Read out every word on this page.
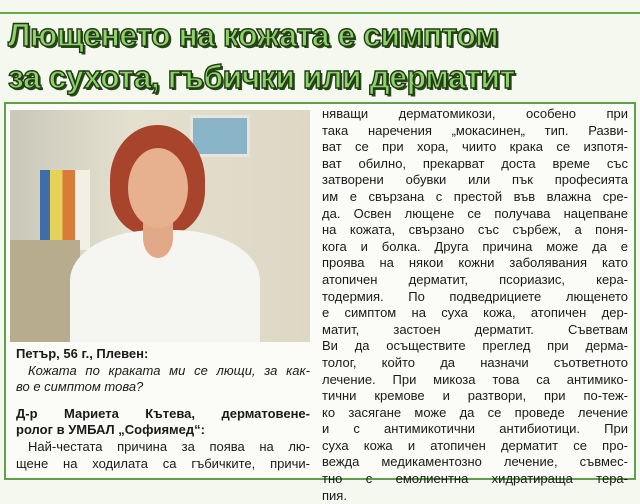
Лющенето на кожата е симптом
за сухота, гъбички или дерматит
Петър, 56 г., Плевен:
Кожата по краката ми се лющи, за как-
во е симптом това?
Д-р Мариета Кътева, дерматовене-
ролог в УМБАЛ „Софиямед“:
Най-честата причина за поява на лю-
щене на ходилата са гъбичките, причи-
няващи дерматомикози, особено при
така наречения „мокасинен„ тип. Разви-
ват се при хора, чиито крака се изпотя-
ват обилно, прекарват доста време със
затворени обувки или пък професията
им е свързана с престой във влажна сре-
да. Освен лющене се получава нацепване
на кожата, свързано със сърбеж, а поня-
кога и болка. Друга причина може да е
проява на някои кожни заболявания като
атопичен дерматит, псориазис, кера-
тодермия. По подведрициете лющенето
е симптом на суха кожа, атопичен дер-
матит, застоен дерматит. Съветвам
Ви да осъществите преглед при дерма-
толог, който да назначи съответното
лечение. При микоза това са антимико-
тични кремове и разтвори, при по-теж-
ко засягане може да се проведе лечение
и с антимикотични антибиотици. При
суха кожа и атопичен дерматит се про-
вежда медикаментозно лечение, съвмес-
тно с емолиентна хидратираща тера-
пия.
